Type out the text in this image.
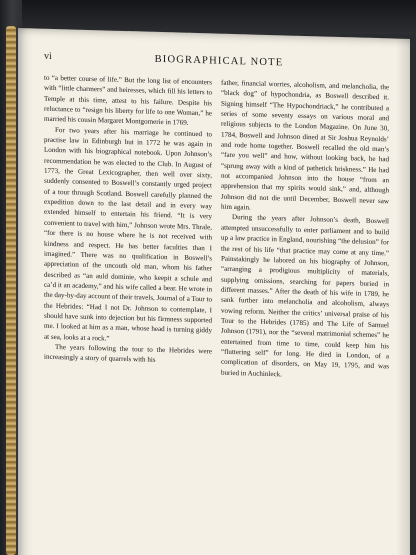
vi	BIOGRAPHICAL NOTE

to “a better course of life.” But the long list of encounters with “little charmers” and heiresses, which fill his letters to Temple at this time, attest to his failure. Despite his reluctance to “resign his liberty for life to one Woman,” he married his cousin Margaret Montgomerie in 1769.

For two years after his marriage he continued to practise law in Edinburgh but in 1772 he was again in London with his biographical notebook. Upon Johnson’s recommendation he was elected to the Club. In August of 1773, the Great Lexicographer, then well over sixty, suddenly consented to Boswell’s constantly urged project of a tour through Scotland. Boswell carefully planned the expedition down to the last detail and in every way extended himself to entertain his friend. “It is very convenient to travel with him,” Johnson wrote Mrs. Thrale, “for there is no house where he is not received with kindness and respect. He has better faculties than I imagined.” There was no qualification in Boswell’s appreciation of the uncouth old man, whom his father described as “an auld dominie, who keepit a schule and ca’d it an academy,” and his wife called a bear. He wrote in the day-by-day account of their travels, Journal of a Tour to the Hebrides: “Had I not Dr. Johnson to contemplate, I should have sunk into dejection but his firmness supported me. I looked at him as a man, whose head is turning giddy at sea, looks at a rock.”

The years following the tour to the Hebrides were increasingly a story of quarrels with his

father, financial worries, alcoholism, and melancholia, the “black dog” of hypochondria, as Boswell described it. Signing himself “The Hypochondriack,” he contributed a series of some seventy essays on various moral and religious subjects to the London Magazine. On June 30, 1784, Boswell and Johnson dined at Sir Joshua Reynolds’ and rode home together. Boswell recalled the old man’s “fare you well” and how, without looking back, he had “sprung away with a kind of pathetick briskness.” He had not accompanied Johnson into the house “from an apprehension that my spirits would sink,” and, although Johnson did not die until December, Boswell never saw him again.

During the years after Johnson’s death, Boswell attempted unsuccessfully to enter parliament and to build up a law practice in England, nourishing “the delusion” for the rest of his life “that practice may come at any time.” Painstakingly he labored on his biography of Johnson, “arranging a prodigious multiplicity of materials, supplying omissions, searching for papers buried in different masses.” After the death of his wife in 1789, he sank further into melancholia and alcoholism, always vowing reform. Neither the critics’ universal praise of his Tour to the Hebrides (1785) and The Life of Samuel Johnson (1791), nor the “several matrimonial schemes” he entertained from time to time, could keep him his “fluttering self” for long. He died in London, of a complication of disorders, on May 19, 1795, and was buried in Auchinleck.
